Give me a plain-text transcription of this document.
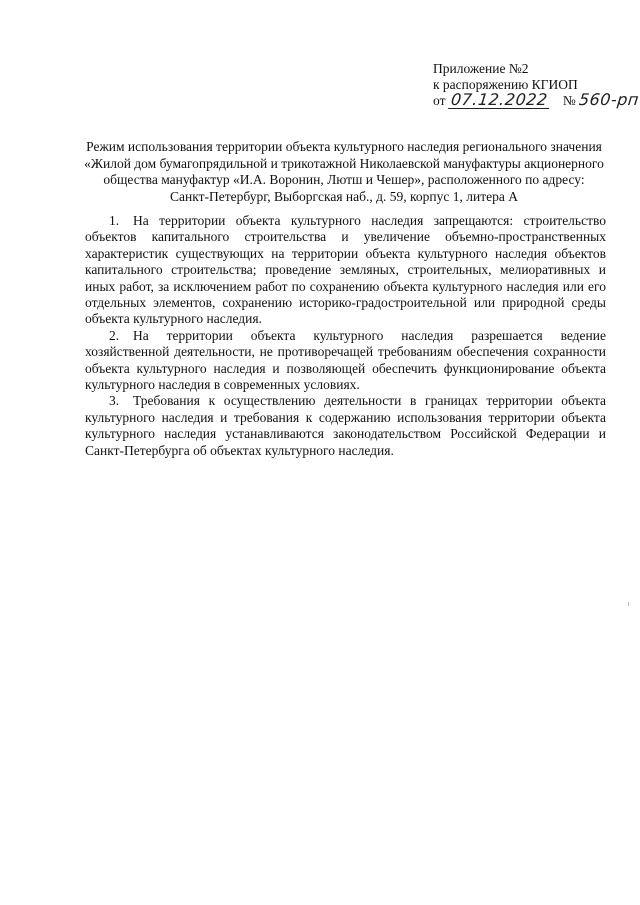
Приложение №2
к распоряжению КГИОП
от 07.12.2022 № 560-рп
Режим использования территории объекта культурного наследия регионального значения
«Жилой дом бумагопрядильной и трикотажной Николаевской мануфактуры акционерного
общества мануфактур «И.А. Воронин, Лютш и Чешер», расположенного по адресу:
Санкт-Петербург, Выборгская наб., д. 59, корпус 1, литера А

1. На территории объекта культурного наследия запрещаются: строительство объектов капитального строительства и увеличение объемно-пространственных характеристик существующих на территории объекта культурного наследия объектов капитального строительства; проведение земляных, строительных, мелиоративных и иных работ, за исключением работ по сохранению объекта культурного наследия или его отдельных элементов, сохранению историко-градостроительной или природной среды объекта культурного наследия.

2. На территории объекта культурного наследия разрешается ведение хозяйственной деятельности, не противоречащей требованиям обеспечения сохранности объекта культурного наследия и позволяющей обеспечить функционирование объекта культурного наследия в современных условиях.

3. Требования к осуществлению деятельности в границах территории объекта культурного наследия и требования к содержанию использования территории объекта культурного наследия устанавливаются законодательством Российской Федерации и Санкт-Петербурга об объектах культурного наследия.
